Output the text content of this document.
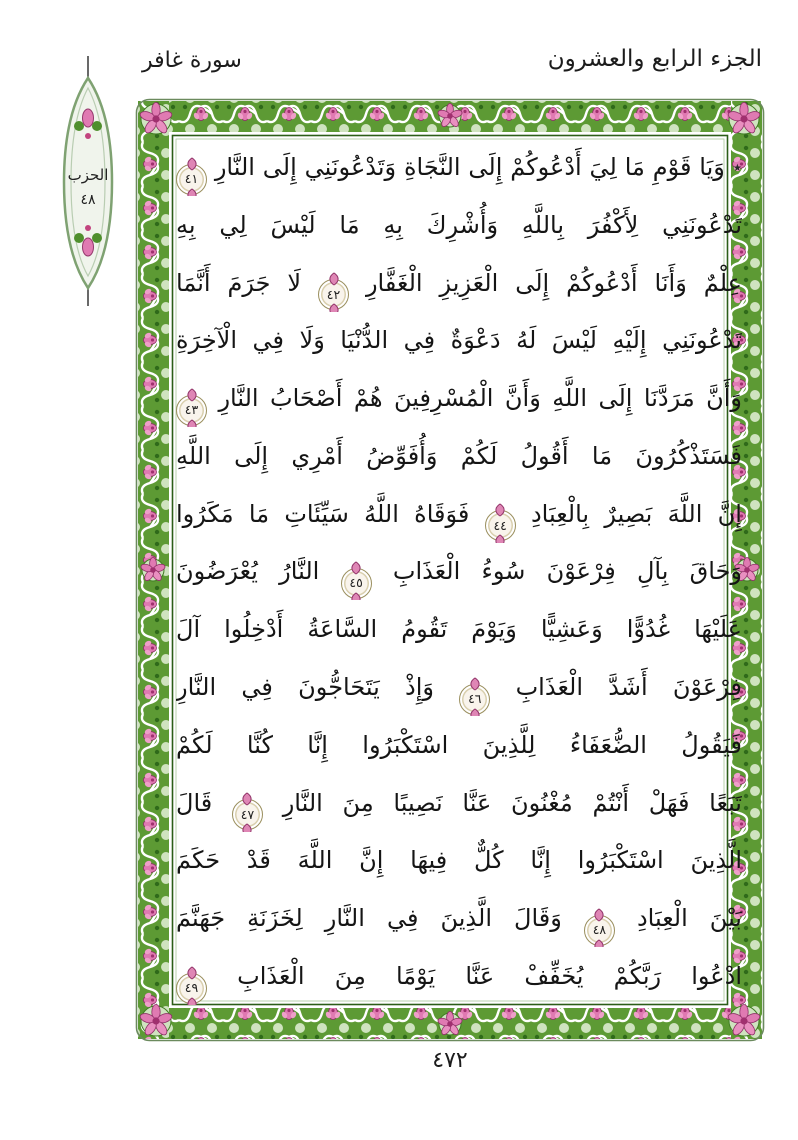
الجزء الرابع والعشرون
سورة غافر
الحزب
٤٨
٭ وَيَا قَوْمِ مَا لِيَ أَدْعُوكُمْ إِلَى النَّجَاةِ وَتَدْعُونَنِي إِلَى النَّارِ
٤١
تَدْعُونَنِي لِأَكْفُرَ بِاللَّهِ وَأُشْرِكَ بِهِ مَا لَيْسَ لِي بِهِ
عِلْمٌ وَأَنَا أَدْعُوكُمْ إِلَى الْعَزِيزِ الْغَفَّارِ
٤٢
لَا جَرَمَ أَنَّمَا
تَدْعُونَنِي إِلَيْهِ لَيْسَ لَهُ دَعْوَةٌ فِي الدُّنْيَا وَلَا فِي الْآخِرَةِ
وَأَنَّ مَرَدَّنَا إِلَى اللَّهِ وَأَنَّ الْمُسْرِفِينَ هُمْ أَصْحَابُ النَّارِ
٤٣
فَسَتَذْكُرُونَ مَا أَقُولُ لَكُمْ وَأُفَوِّضُ أَمْرِي إِلَى اللَّهِ
إِنَّ اللَّهَ بَصِيرٌ بِالْعِبَادِ
٤٤
فَوَقَاهُ اللَّهُ سَيِّئَاتِ مَا مَكَرُوا
وَحَاقَ بِآلِ فِرْعَوْنَ سُوءُ الْعَذَابِ
٤٥
النَّارُ يُعْرَضُونَ
عَلَيْهَا غُدُوًّا وَعَشِيًّا وَيَوْمَ تَقُومُ السَّاعَةُ أَدْخِلُوا آلَ
فِرْعَوْنَ أَشَدَّ الْعَذَابِ
٤٦
وَإِذْ يَتَحَاجُّونَ فِي النَّارِ
فَيَقُولُ الضُّعَفَاءُ لِلَّذِينَ اسْتَكْبَرُوا إِنَّا كُنَّا لَكُمْ
تَبَعًا فَهَلْ أَنْتُمْ مُغْنُونَ عَنَّا نَصِيبًا مِنَ النَّارِ
٤٧
قَالَ
الَّذِينَ اسْتَكْبَرُوا إِنَّا كُلٌّ فِيهَا إِنَّ اللَّهَ قَدْ حَكَمَ
بَيْنَ الْعِبَادِ
٤٨
وَقَالَ الَّذِينَ فِي النَّارِ لِخَزَنَةِ جَهَنَّمَ
ادْعُوا رَبَّكُمْ يُخَفِّفْ عَنَّا يَوْمًا مِنَ الْعَذَابِ
٤٩
٤٧٢
